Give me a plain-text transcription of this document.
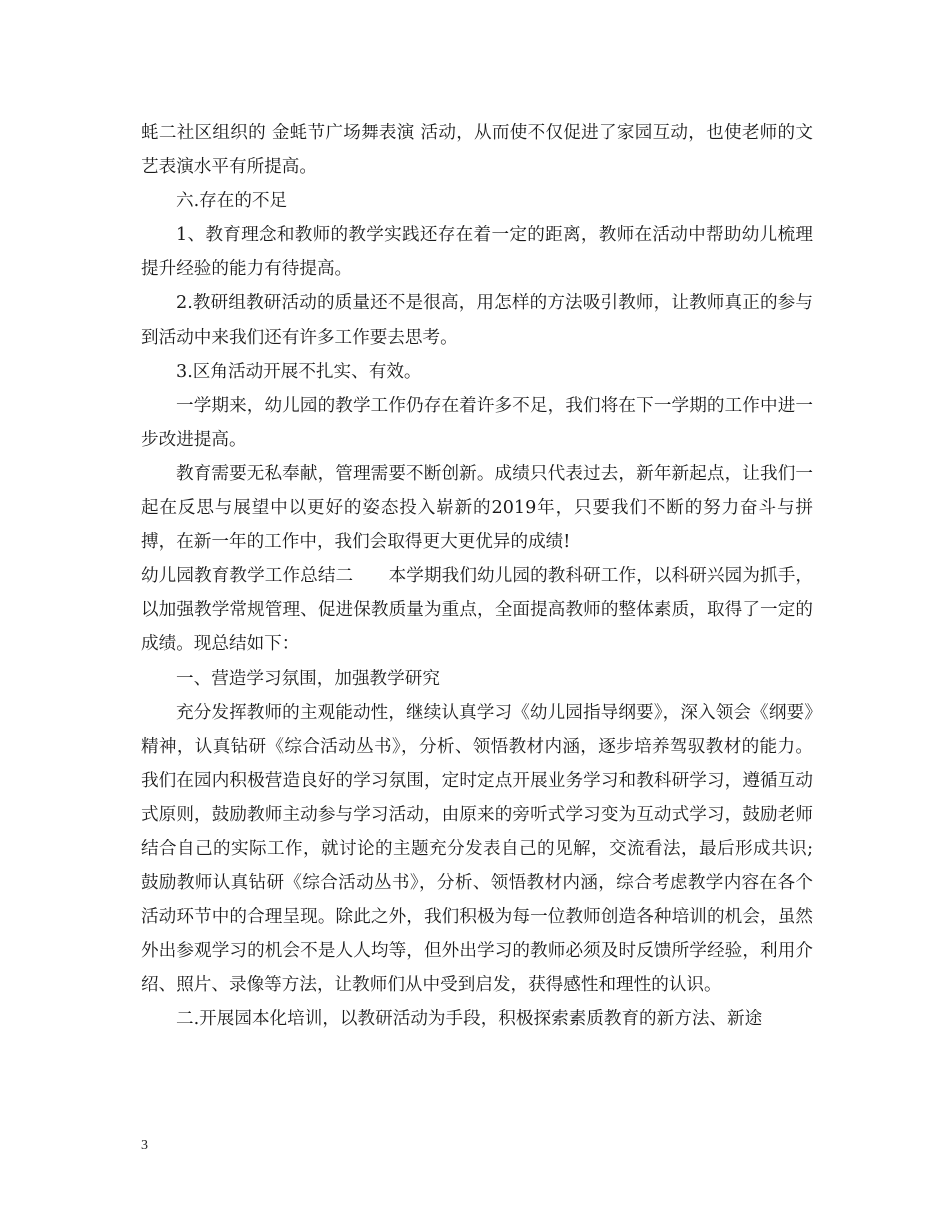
蚝二社区组织的 金蚝节广场舞表演 活动，从而使不仅促进了家园互动，也使老师的文艺表演水平有所提高。

六.存在的不足

1、教育理念和教师的教学实践还存在着一定的距离，教师在活动中帮助幼儿梳理提升经验的能力有待提高。

2.教研组教研活动的质量还不是很高，用怎样的方法吸引教师，让教师真正的参与到活动中来我们还有许多工作要去思考。

3.区角活动开展不扎实、有效。

一学期来，幼儿园的教学工作仍存在着许多不足，我们将在下一学期的工作中进一步改进提高。

教育需要无私奉献，管理需要不断创新。成绩只代表过去，新年新起点，让我们一起在反思与展望中以更好的姿态投入崭新的2019年，只要我们不断的努力奋斗与拼搏，在新一年的工作中，我们会取得更大更优异的成绩!

幼儿园教育教学工作总结二　　本学期我们幼儿园的教科研工作，以科研兴园为抓手，以加强教学常规管理、促进保教质量为重点，全面提高教师的整体素质，取得了一定的成绩。现总结如下：

一、营造学习氛围，加强教学研究

充分发挥教师的主观能动性，继续认真学习《幼儿园指导纲要》，深入领会《纲要》精神，认真钻研《综合活动丛书》，分析、领悟教材内涵，逐步培养驾驭教材的能力。我们在园内积极营造良好的学习氛围，定时定点开展业务学习和教科研学习，遵循互动式原则，鼓励教师主动参与学习活动，由原来的旁听式学习变为互动式学习，鼓励老师结合自己的实际工作，就讨论的主题充分发表自己的见解，交流看法，最后形成共识;鼓励教师认真钻研《综合活动丛书》，分析、领悟教材内涵，综合考虑教学内容在各个活动环节中的合理呈现。除此之外，我们积极为每一位教师创造各种培训的机会，虽然外出参观学习的机会不是人人均等，但外出学习的教师必须及时反馈所学经验，利用介绍、照片、录像等方法，让教师们从中受到启发，获得感性和理性的认识。

二.开展园本化培训，以教研活动为手段，积极探索素质教育的新方法、新途

3
